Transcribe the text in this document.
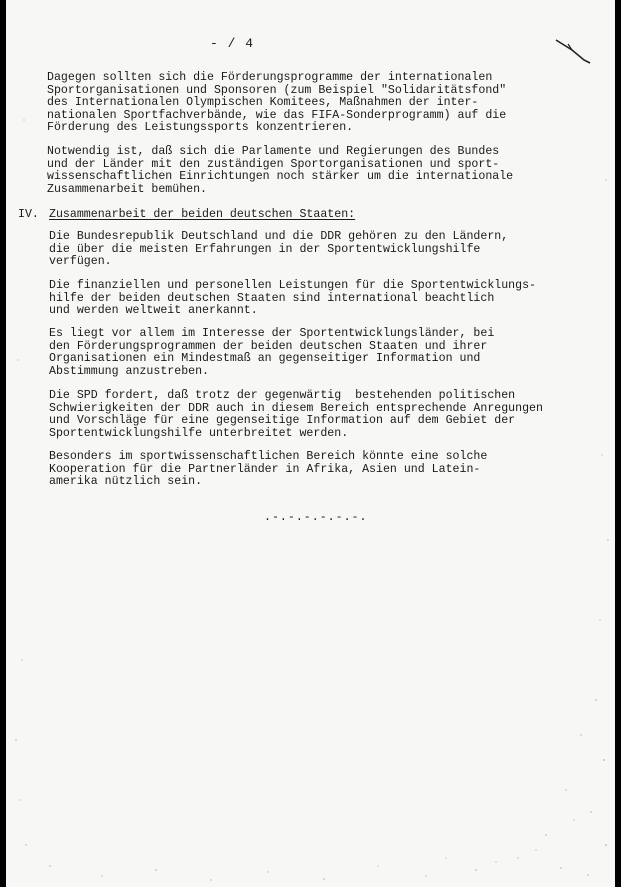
- / 4

Dagegen sollten sich die Förderungsprogramme der internationalen
Sportorganisationen und Sponsoren (zum Beispiel "Solidaritätsfond"
des Internationalen Olympischen Komitees, Maßnahmen der inter-
nationalen Sportfachverbände, wie das FIFA-Sonderprogramm) auf die
Förderung des Leistungssports konzentrieren.

Notwendig ist, daß sich die Parlamente und Regierungen des Bundes
und der Länder mit den zuständigen Sportorganisationen und sport-
wissenschaftlichen Einrichtungen noch stärker um die internationale
Zusammenarbeit bemühen.

IV. Zusammenarbeit der beiden deutschen Staaten:

Die Bundesrepublik Deutschland und die DDR gehören zu den Ländern,
die über die meisten Erfahrungen in der Sportentwicklungshilfe
verfügen.

Die finanziellen und personellen Leistungen für die Sportentwicklungs-
hilfe der beiden deutschen Staaten sind international beachtlich
und werden weltweit anerkannt.

Es liegt vor allem im Interesse der Sportentwicklungsländer, bei
den Förderungsprogrammen der beiden deutschen Staaten und ihrer
Organisationen ein Mindestmaß an gegenseitiger Information und
Abstimmung anzustreben.

Die SPD fordert, daß trotz der gegenwärtig  bestehenden politischen
Schwierigkeiten der DDR auch in diesem Bereich entsprechende Anregungen
und Vorschläge für eine gegenseitige Information auf dem Gebiet der
Sportentwicklungshilfe unterbreitet werden.

Besonders im sportwissenschaftlichen Bereich könnte eine solche
Kooperation für die Partnerländer in Afrika, Asien und Latein-
amerika nützlich sein.

.-.-.-.-.-.-.
